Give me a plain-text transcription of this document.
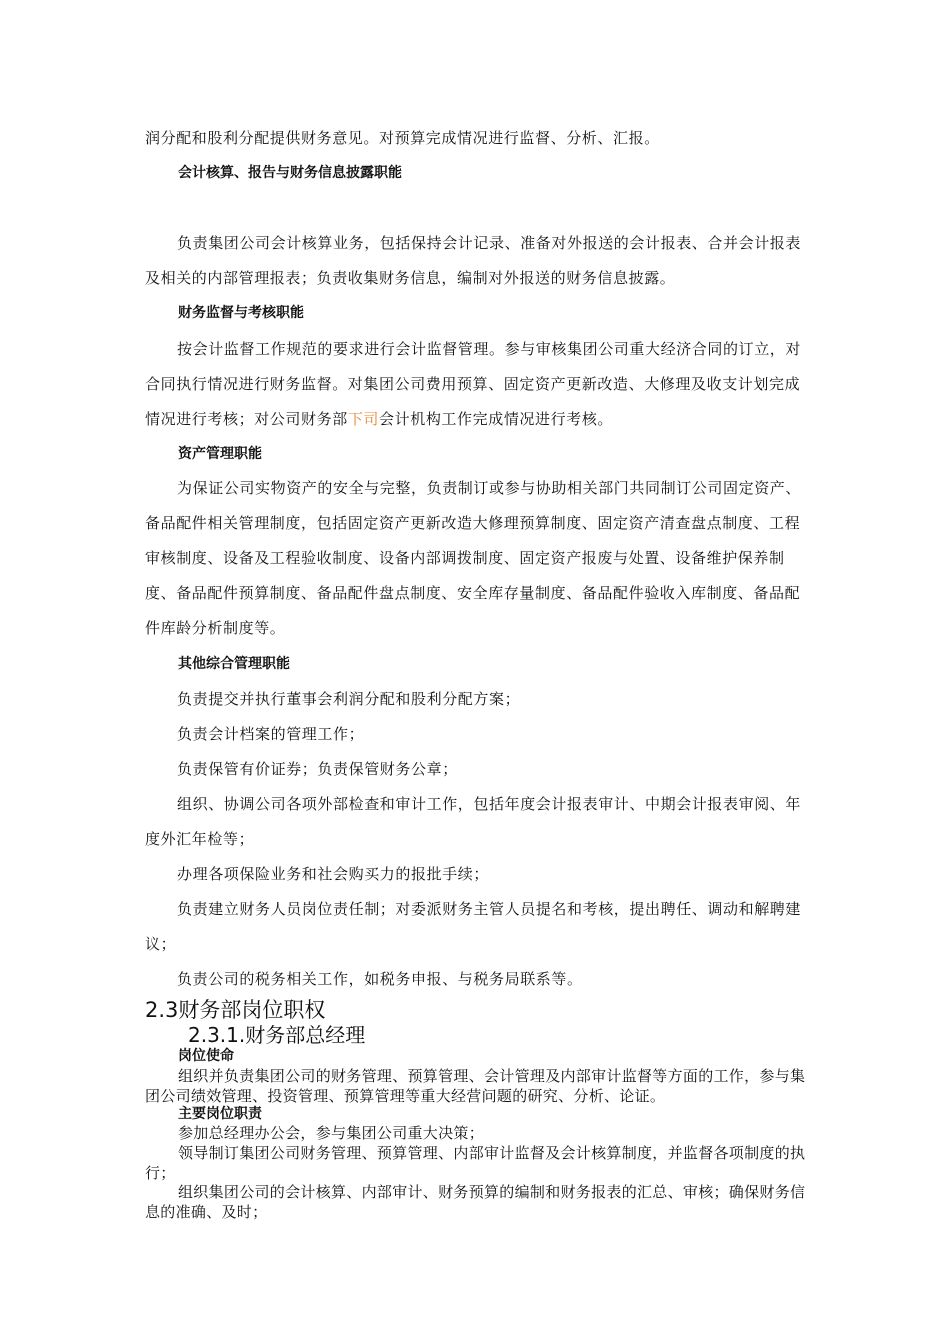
润分配和股利分配提供财务意见。对预算完成情况进行监督、分析、汇报。

会计核算、报告与财务信息披露职能

负责集团公司会计核算业务，包括保持会计记录、准备对外报送的会计报表、合并会计报表及相关的内部管理报表；负责收集财务信息，编制对外报送的财务信息披露。

财务监督与考核职能

按会计监督工作规范的要求进行会计监督管理。参与审核集团公司重大经济合同的订立，对合同执行情况进行财务监督。对集团公司费用预算、固定资产更新改造、大修理及收支计划完成情况进行考核；对公司财务部下司会计机构工作完成情况进行考核。

资产管理职能

为保证公司实物资产的安全与完整，负责制订或参与协助相关部门共同制订公司固定资产、备品配件相关管理制度，包括固定资产更新改造大修理预算制度、固定资产清查盘点制度、工程审核制度、设备及工程验收制度、设备内部调拨制度、固定资产报废与处置、设备维护保养制度、备品配件预算制度、备品配件盘点制度、安全库存量制度、备品配件验收入库制度、备品配件库龄分析制度等。

其他综合管理职能

负责提交并执行董事会利润分配和股利分配方案；

负责会计档案的管理工作；

负责保管有价证券；负责保管财务公章；

组织、协调公司各项外部检查和审计工作，包括年度会计报表审计、中期会计报表审阅、年度外汇年检等；

办理各项保险业务和社会购买力的报批手续；

负责建立财务人员岗位责任制；对委派财务主管人员提名和考核，提出聘任、调动和解聘建议；

负责公司的税务相关工作，如税务申报、与税务局联系等。

2.3财务部岗位职权

2.3.1.财务部总经理

岗位使命

组织并负责集团公司的财务管理、预算管理、会计管理及内部审计监督等方面的工作，参与集团公司绩效管理、投资管理、预算管理等重大经营问题的研究、分析、论证。

主要岗位职责

参加总经理办公会，参与集团公司重大决策；

领导制订集团公司财务管理、预算管理、内部审计监督及会计核算制度，并监督各项制度的执行；

组织集团公司的会计核算、内部审计、财务预算的编制和财务报表的汇总、审核；确保财务信息的准确、及时；
